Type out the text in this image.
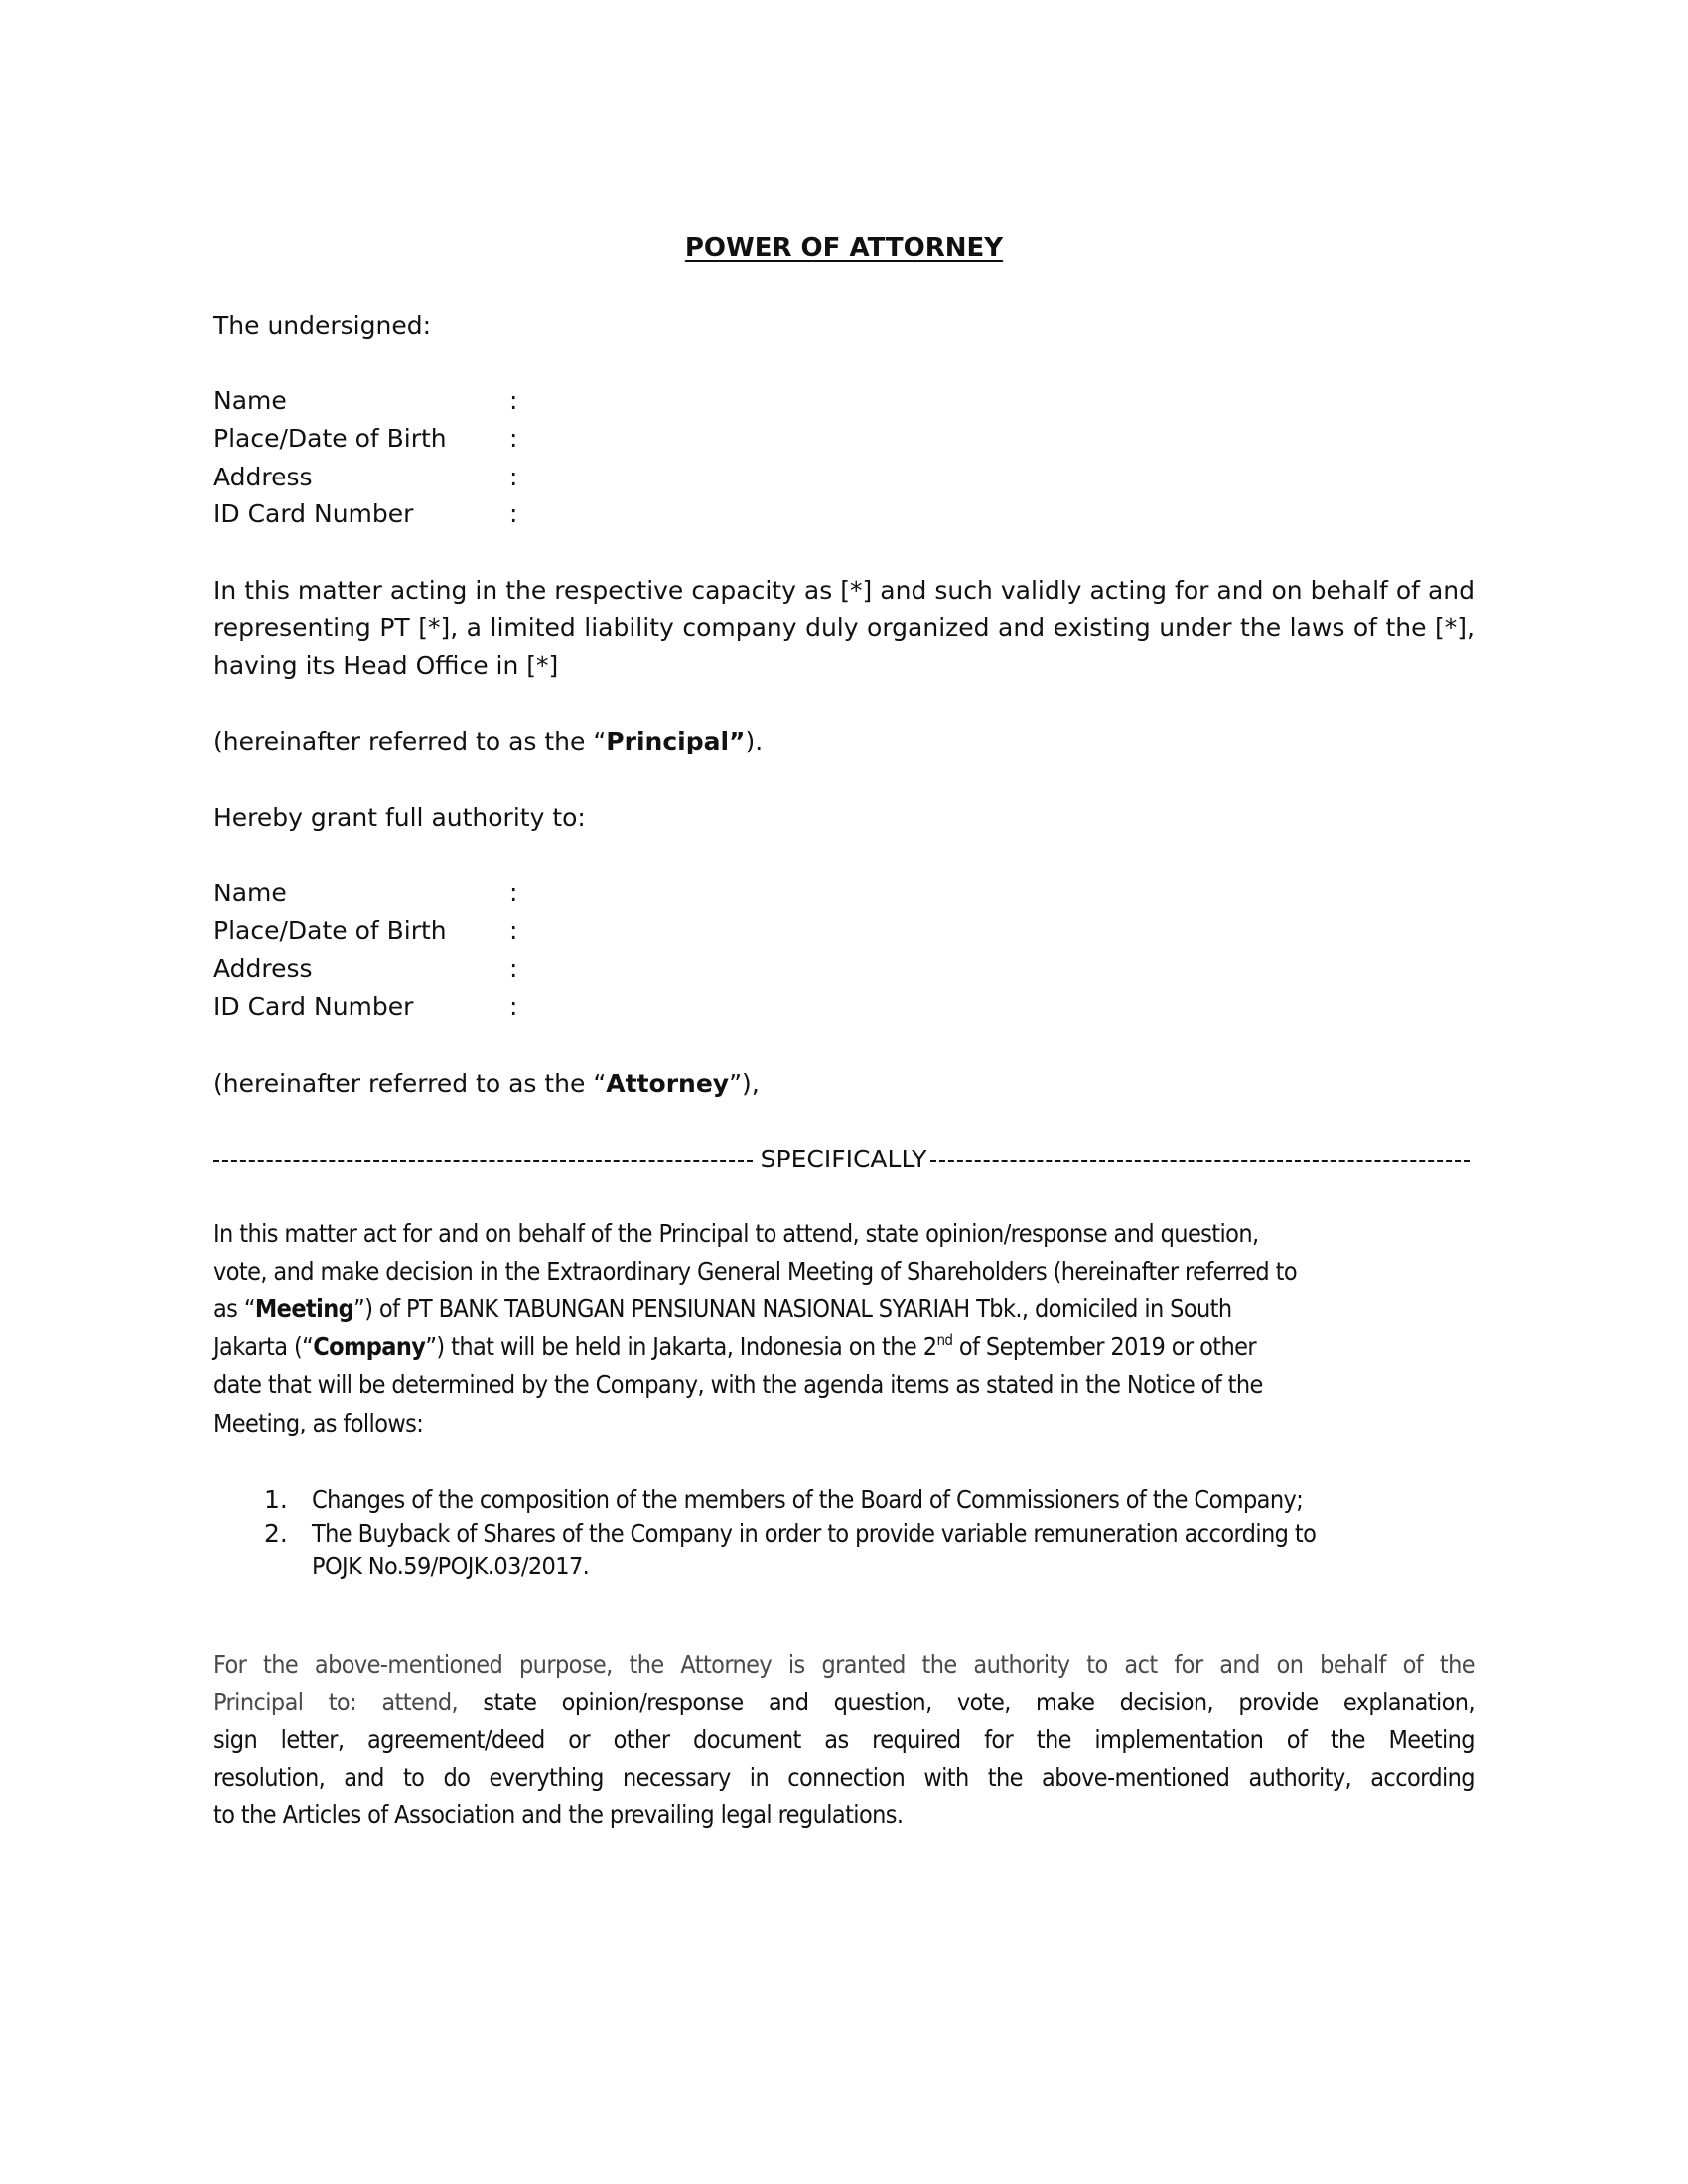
POWER OF ATTORNEY
The undersigned:
Name	:
Place/Date of Birth	:
Address	:
ID Card Number	:
In this matter acting in the respective capacity as [*] and such validly acting for and on behalf of and
representing PT [*], a limited liability company duly organized and existing under the laws of the [*],
having its Head Office in [*]
(hereinafter referred to as the “Principal”).
Hereby grant full authority to:
Name	:
Place/Date of Birth	:
Address	:
ID Card Number	:
(hereinafter referred to as the “Attorney”),
SPECIFICALLY
In this matter act for and on behalf of the Principal to attend, state opinion/response and question,
vote, and make decision in the Extraordinary General Meeting of Shareholders (hereinafter referred to
as “Meeting”) of PT BANK TABUNGAN PENSIUNAN NASIONAL SYARIAH Tbk., domiciled in South
Jakarta (“Company”) that will be held in Jakarta, Indonesia on the 2nd of September 2019 or other
date that will be determined by the Company, with the agenda items as stated in the Notice of the
Meeting, as follows:
1. Changes of the composition of the members of the Board of Commissioners of the Company;
2. The Buyback of Shares of the Company in order to provide variable remuneration according to
POJK No.59/POJK.03/2017.
For the above-mentioned purpose, the Attorney is granted the authority to act for and on behalf of the
Principal to: attend, state opinion/response and question, vote, make decision, provide explanation,
sign letter, agreement/deed or other document as required for the implementation of the Meeting
resolution, and to do everything necessary in connection with the above-mentioned authority, according
to the Articles of Association and the prevailing legal regulations.
